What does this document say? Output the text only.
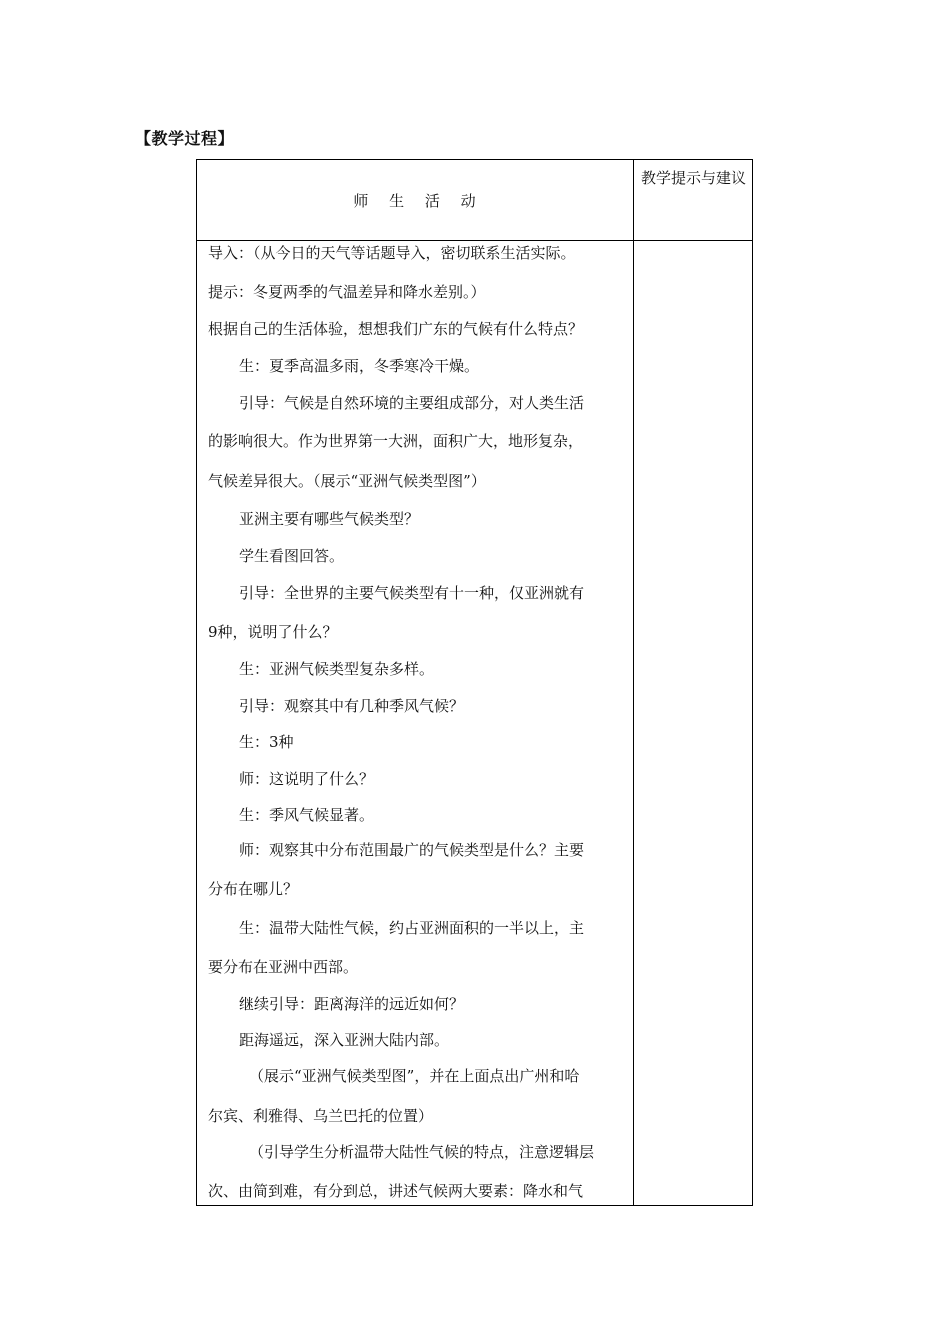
【教学过程】
师 生 活 动
教学提示与建议
导入：（从今日的天气等话题导入，密切联系生活实际。
提示：冬夏两季的气温差异和降水差别。）
根据自己的生活体验，想想我们广东的气候有什么特点？
生：夏季高温多雨，冬季寒冷干燥。
引导：气候是自然环境的主要组成部分，对人类生活
的影响很大。作为世界第一大洲，面积广大，地形复杂，
气候差异很大。（展示“亚洲气候类型图”）
亚洲主要有哪些气候类型？
学生看图回答。
引导：全世界的主要气候类型有十一种，仅亚洲就有
9种，说明了什么？
生：亚洲气候类型复杂多样。
引导：观察其中有几种季风气候？
生：3种
师：这说明了什么？
生：季风气候显著。
师：观察其中分布范围最广的气候类型是什么？主要
分布在哪儿？
生：温带大陆性气候，约占亚洲面积的一半以上，主
要分布在亚洲中西部。
继续引导：距离海洋的远近如何？
距海遥远，深入亚洲大陆内部。
（展示“亚洲气候类型图”，并在上面点出广州和哈
尔宾、利雅得、乌兰巴托的位置）
（引导学生分析温带大陆性气候的特点，注意逻辑层
次、由简到难，有分到总，讲述气候两大要素：降水和气
